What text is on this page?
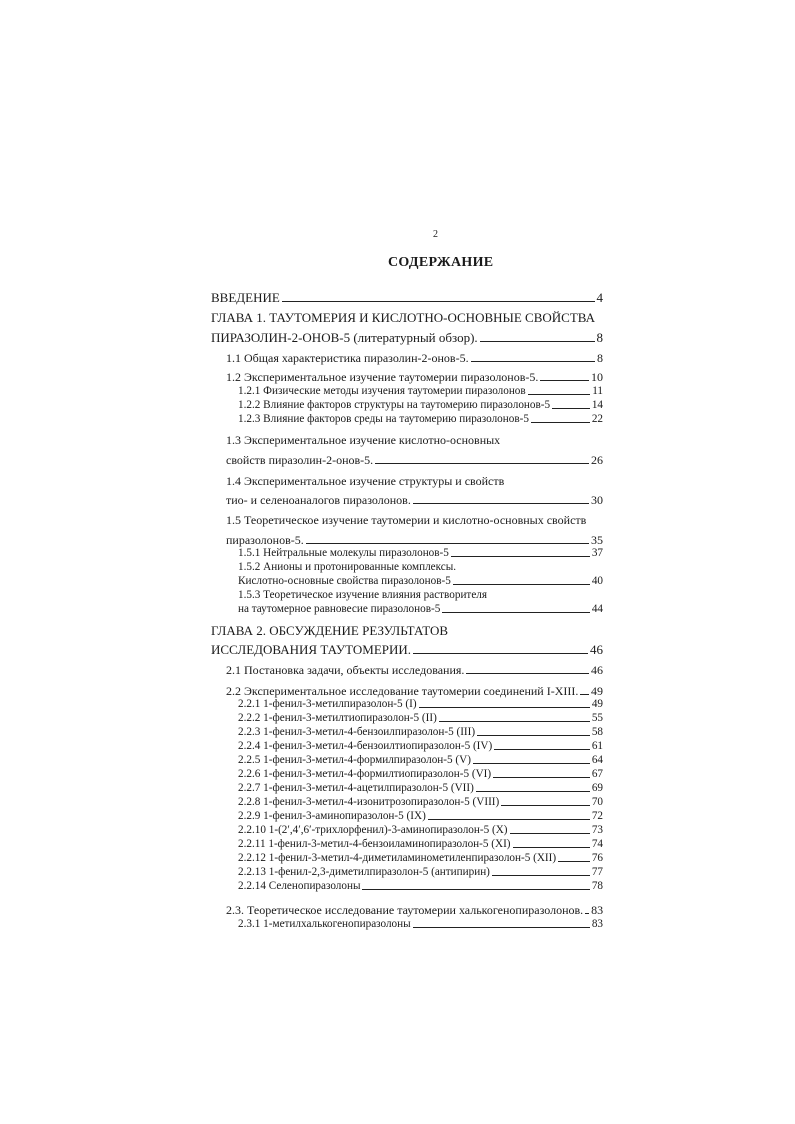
2
СОДЕРЖАНИЕ
ВВЕДЕНИЕ	4
ГЛАВА 1. ТАУТОМЕРИЯ И КИСЛОТНО-ОСНОВНЫЕ СВОЙСТВА
ПИРАЗОЛИН-2-ОНОВ-5 (литературный обзор).	8
1.1 Общая характеристика пиразолин-2-онов-5.	8
1.2 Экспериментальное изучение таутомерии пиразолонов-5.	10
1.2.1 Физические методы изучения таутомерии пиразолонов	11
1.2.2 Влияние факторов структуры на таутомерию пиразолонов-5	14
1.2.3 Влияние факторов среды на таутомерию пиразолонов-5	22
1.3 Экспериментальное изучение кислотно-основных
свойств пиразолин-2-онов-5.	26
1.4 Экспериментальное изучение структуры и свойств
тио- и селеноаналогов пиразолонов.	30
1.5 Теоретическое изучение таутомерии и кислотно-основных свойств
пиразолонов-5.	35
1.5.1 Нейтральные молекулы пиразолонов-5	37
1.5.2 Анионы и протонированные комплексы.
Кислотно-основные свойства пиразолонов-5	40
1.5.3 Теоретическое изучение влияния растворителя
на таутомерное равновесие пиразолонов-5	44
ГЛАВА 2. ОБСУЖДЕНИЕ РЕЗУЛЬТАТОВ
ИССЛЕДОВАНИЯ ТАУТОМЕРИИ.	46
2.1 Постановка задачи, объекты исследования.	46
2.2 Экспериментальное исследование таутомерии соединений I-XIII. 49
2.2.1 1-фенил-3-метилпиразолон-5 (I)	49
2.2.2 1-фенил-3-метилтиопиразолон-5 (II)	55
2.2.3 1-фенил-3-метил-4-бензоилпиразолон-5 (III)	58
2.2.4 1-фенил-3-метил-4-бензоилтиопиразолон-5 (IV)	61
2.2.5 1-фенил-3-метил-4-формилпиразолон-5 (V)	64
2.2.6 1-фенил-3-метил-4-формилтиопиразолон-5 (VI)	67
2.2.7 1-фенил-3-метил-4-ацетилпиразолон-5 (VII)	69
2.2.8 1-фенил-3-метил-4-изонитрозопиразолон-5 (VIII)	70
2.2.9 1-фенил-3-аминопиразолон-5 (IX)	72
2.2.10 1-(2′,4′,6′-трихлорфенил)-3-аминопиразолон-5 (X)	73
2.2.11 1-фенил-3-метил-4-бензоиламинопиразолон-5 (XI)	74
2.2.12 1-фенил-3-метил-4-диметиламинометиленпиразолон-5 (XII)	76
2.2.13 1-фенил-2,3-диметилпиразолон-5 (антипирин)	77
2.2.14 Селенопиразолоны	78
2.3. Теоретическое исследование таутомерии халькогенопиразолонов. 83
2.3.1 1-метилхалькогенопиразолоны	83
